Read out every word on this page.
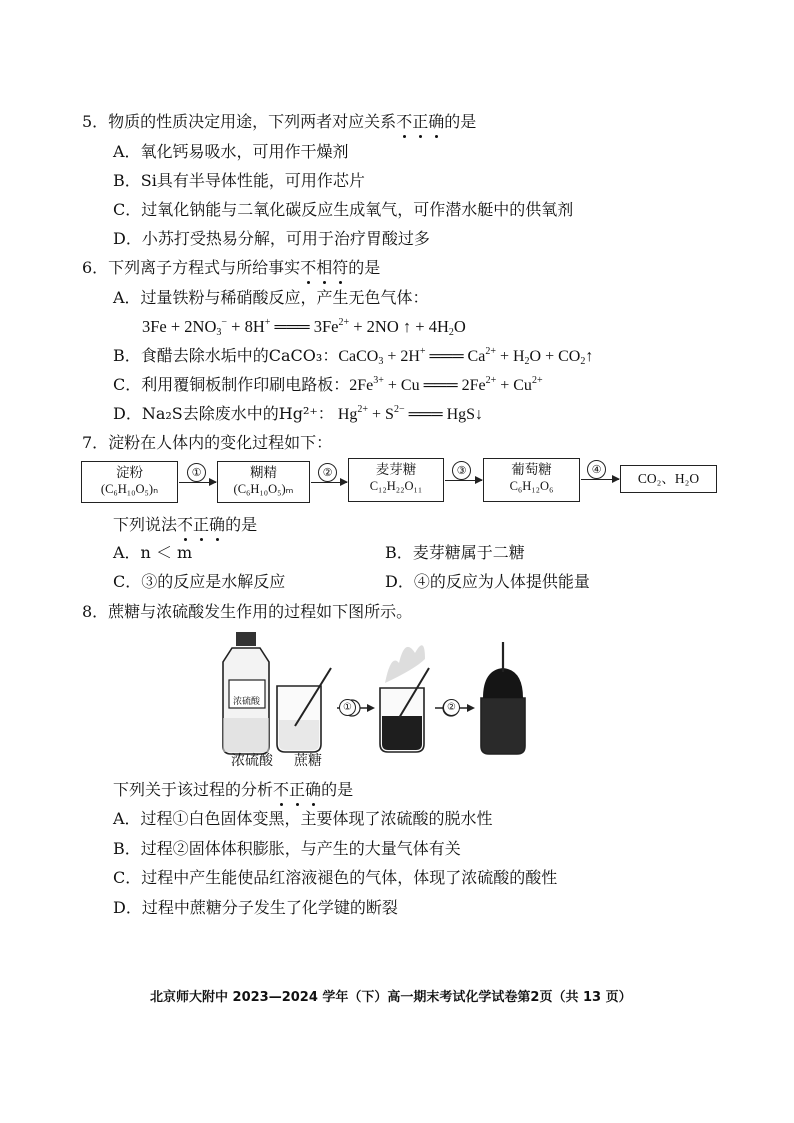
5．物质的性质决定用途，下列两者对应关系不正确的是
A．氧化钙易吸水，可用作干燥剂
B．Si具有半导体性能，可用作芯片
C．过氧化钠能与二氧化碳反应生成氧气，可作潜水艇中的供氧剂
D．小苏打受热易分解，可用于治疗胃酸过多
6．下列离子方程式与所给事实不相符的是
A．过量铁粉与稀硝酸反应，产生无色气体：
$3Fe + 2NO_3^- + 8H^+$ ═══ $3Fe^{2+} + 2NO$ ↑ + $4H_2O$
B．食醋去除水垢中的CaCO₃：CaCO$_3$ + 2H+ ═══ $Ca^{2+} + H_2O$ + $CO_2↑$
C．利用覆铜板制作印刷电路板：$2Fe^{3+} + Cu$ ═══ $2Fe^{2+} + Cu^{2+}$
D．Na₂S去除废水中的Hg²⁺： $Hg^{2+} + S^{2-}$ ═══ HgS↓
7．淀粉在人体内的变化过程如下：
淀粉
(C₆H₁₀O₅)ₙ
①	糊精
(C₆H₁₀O₅)ₘ
②	麦芽糖
C₁₂H₂₂O₁₁
③	葡萄糖
C₆H₁₂O₆
④
CO₂、H₂O
下列说法不正确的是
A．n ＜ m	B．麦芽糖属于二糖
C．③的反应是水解反应	D．④的反应为人体提供能量
8．蔗糖与浓硫酸发生作用的过程如下图所示。
①	②
浓硫酸
浓硫酸 蔗糖
下列关于该过程的分析不正确的是
A．过程①白色固体变黑，主要体现了浓硫酸的脱水性
B．过程②固体体积膨胀，与产生的大量气体有关
C．过程中产生能使品红溶液褪色的气体，体现了浓硫酸的酸性
D．过程中蔗糖分子发生了化学键的断裂
北京师大附中 2023—2024 学年（下）高一期末考试化学试卷第2页（共 13 页）
